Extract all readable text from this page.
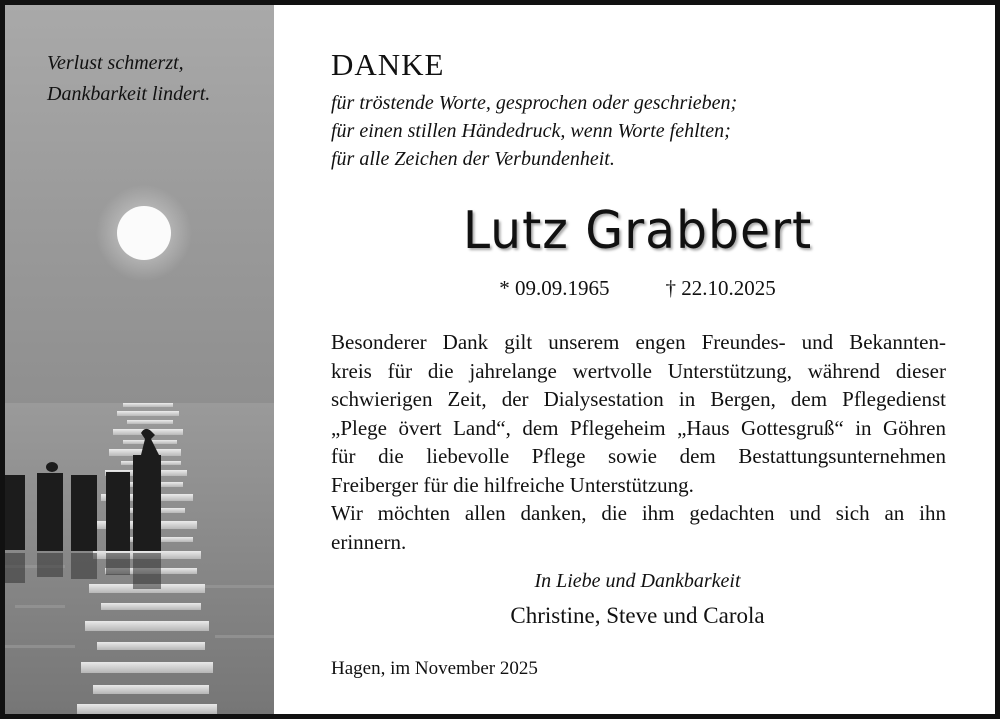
Verlust schmerzt,
Dankbarkeit lindert.
DANKE
für tröstende Worte, gesprochen oder geschrieben;
für einen stillen Händedruck, wenn Worte fehlten;
für alle Zeichen der Verbundenheit.
Lutz Grabbert
* 09.09.1965	† 22.10.2025
Besonderer Dank gilt unserem engen Freundes- und Bekannten-
kreis für die jahrelange wertvolle Unterstützung, während dieser
schwierigen Zeit, der Dialysestation in Bergen, dem Pflegedienst
„Plege övert Land“, dem Pflegeheim „Haus Gottesgruß“ in Göhren
für die liebevolle Pflege sowie dem Bestattungsunternehmen
Freiberger für die hilfreiche Unterstützung.
Wir möchten allen danken, die ihm gedachten und sich an ihn
erinnern.
In Liebe und Dankbarkeit
Christine, Steve und Carola
Hagen, im November 2025
